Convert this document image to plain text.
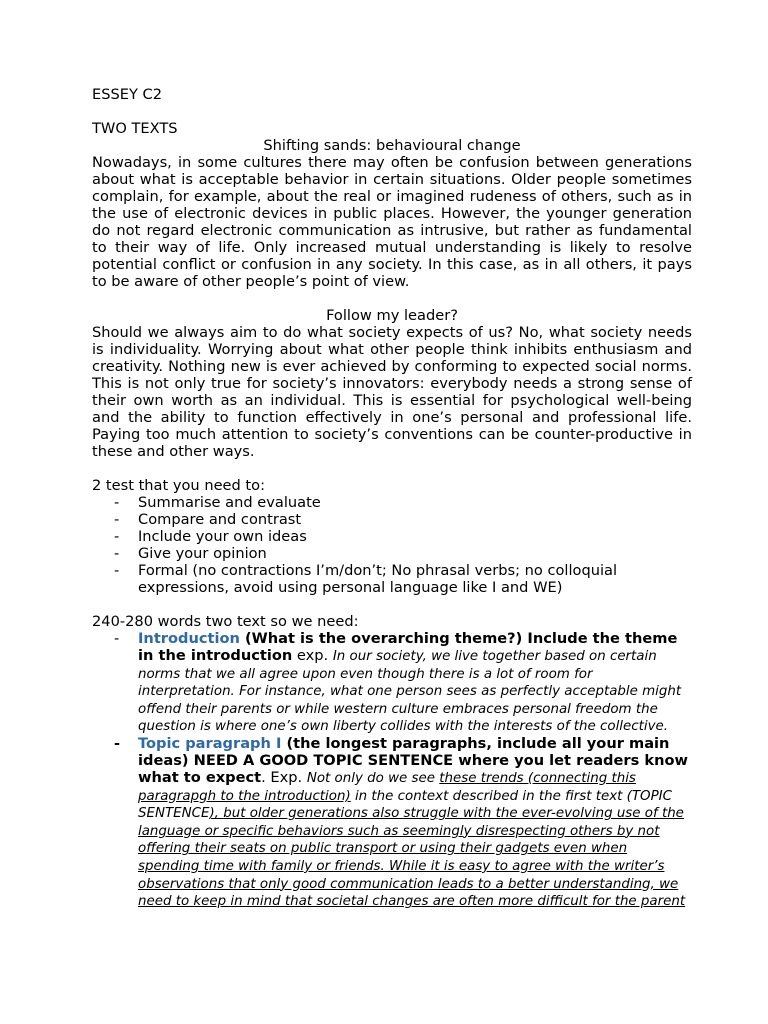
ESSEY C2

TWO TEXTS

Shifting sands: behavioural change

Nowadays, in some cultures there may often be confusion between generations about what is acceptable behavior in certain situations. Older people sometimes complain, for example, about the real or imagined rudeness of others, such as in the use of electronic devices in public places. However, the younger generation do not regard electronic communication as intrusive, but rather as fundamental to their way of life. Only increased mutual understanding is likely to resolve potential conflict or confusion in any society. In this case, as in all others, it pays to be aware of other people’s point of view.

Follow my leader?

Should we always aim to do what society expects of us? No, what society needs is individuality. Worrying about what other people think inhibits enthusiasm and creativity. Nothing new is ever achieved by conforming to expected social norms. This is not only true for society’s innovators: everybody needs a strong sense of their own worth as an individual. This is essential for psychological well-being and the ability to function effectively in one’s personal and professional life. Paying too much attention to society’s conventions can be counter-productive in these and other ways.

2 test that you need to:

- Summarise and evaluate
- Compare and contrast
- Include your own ideas
- Give your opinion
- Formal (no contractions I’m/don’t; No phrasal verbs; no colloquial expressions, avoid using personal language like I and WE)

240-280 words two text so we need:

- Introduction (What is the overarching theme?) Include the theme in the introduction exp. In our society, we live together based on certain norms that we all agree upon even though there is a lot of room for interpretation. For instance, what one person sees as perfectly acceptable might offend their parents or while western culture embraces personal freedom the question is where one’s own liberty collides with the interests of the collective.
- Topic paragraph I (the longest paragraphs, include all your main ideas) NEED A GOOD TOPIC SENTENCE where you let readers know what to expect. Exp. Not only do we see these trends (connecting this paragrapgh to the introduction) in the context described in the first text (TOPIC SENTENCE), but older generations also struggle with the ever-evolving use of the language or specific behaviors such as seemingly disrespecting others by not offering their seats on public transport or using their gadgets even when spending time with family or friends. While it is easy to agree with the writer’s observations that only good communication leads to a better understanding, we need to keep in mind that societal changes are often more difficult for the parent
